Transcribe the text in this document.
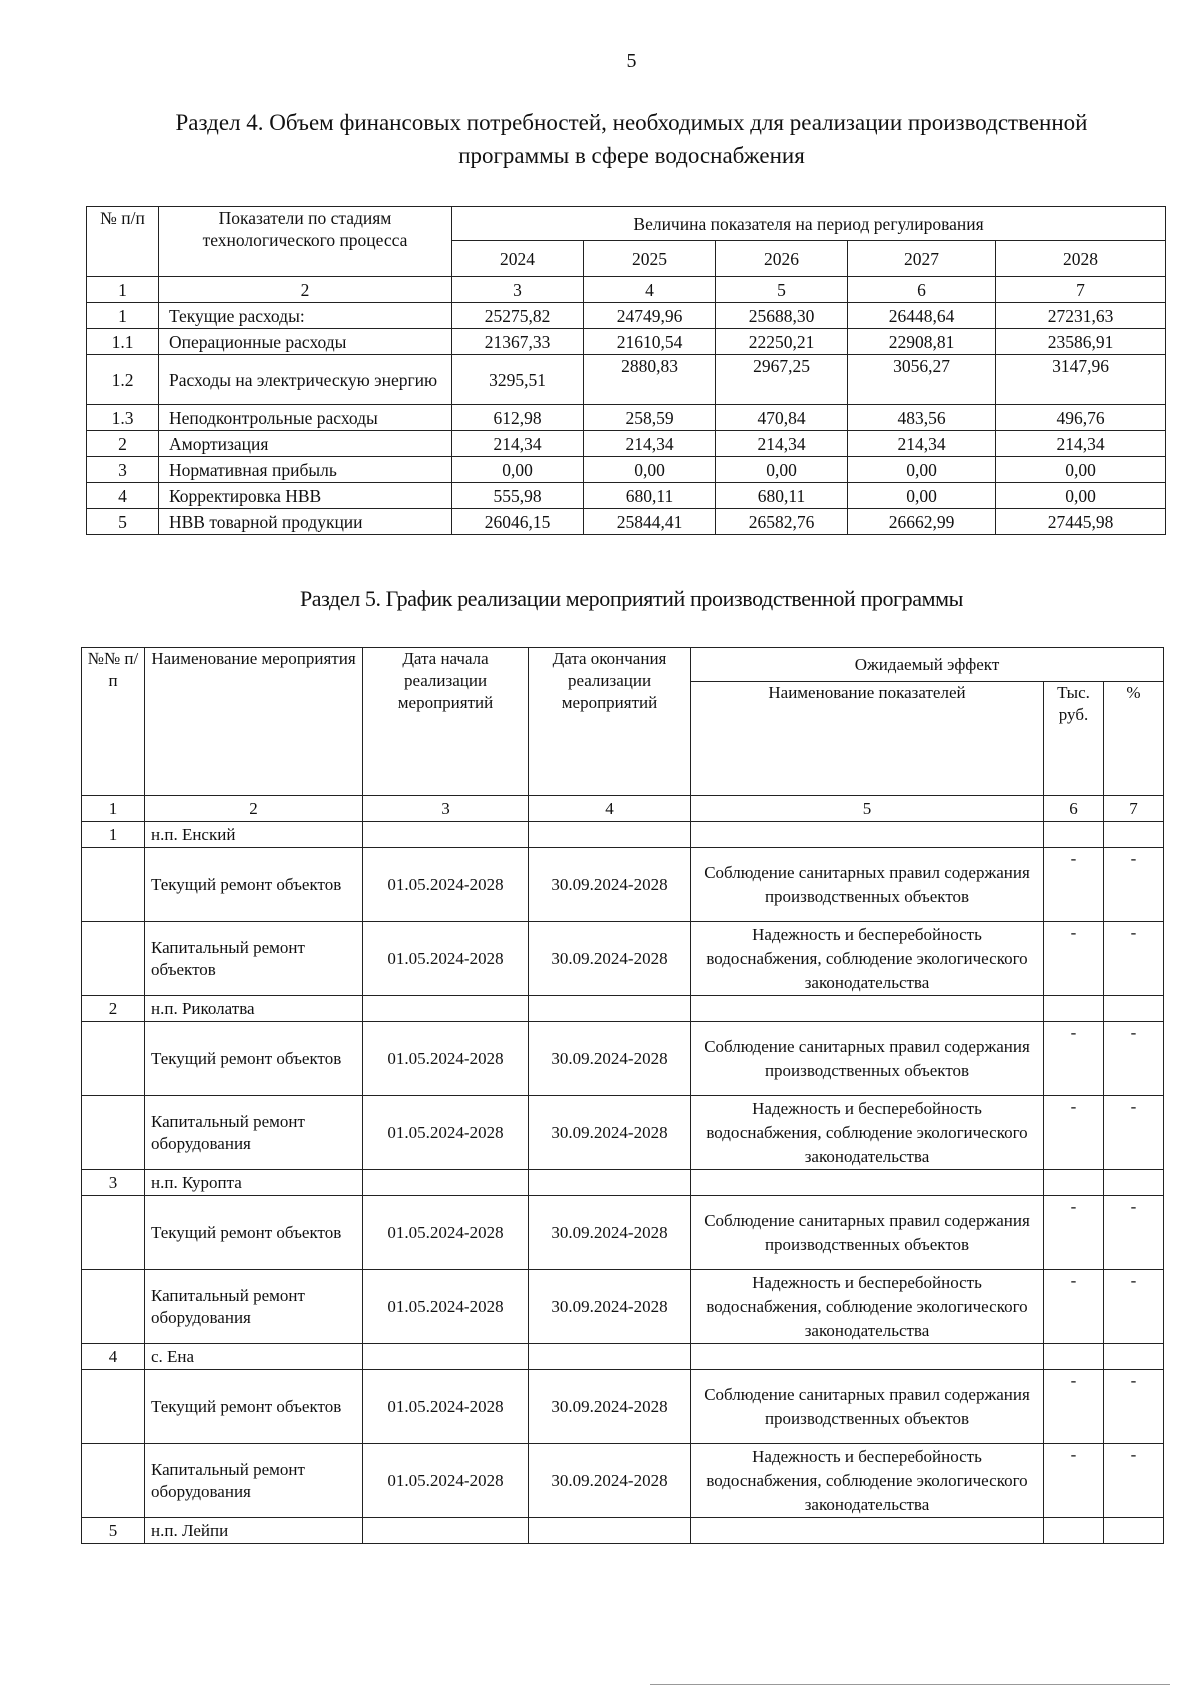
5
Раздел 4. Объем финансовых потребностей, необходимых для реализации производственной
программы в сфере водоснабжения
№ п/п	Показатели по стадиям технологического процесса	Величина показателя на период регулирования				
		2024	2025	2026	2027	2028
1	2	3	4	5	6	7
1	Текущие расходы:	25275,82	24749,96	25688,30	26448,64	27231,63
1.1	Операционные расходы	21367,33	21610,54	22250,21	22908,81	23586,91
1.2	Расходы на электрическую энергию	3295,51	2880,83	2967,25	3056,27	3147,96
1.3	Неподконтрольные расходы	612,98	258,59	470,84	483,56	496,76
2	Амортизация	214,34	214,34	214,34	214,34	214,34
3	Нормативная прибыль	0,00	0,00	0,00	0,00	0,00
4	Корректировка НВВ	555,98	680,11	680,11	0,00	0,00
5	НВВ товарной продукции	26046,15	25844,41	26582,76	26662,99	27445,98
Раздел 5. График реализации мероприятий производственной программы
№№ п/п	Наименование мероприятия	Дата начала реализации мероприятий	Дата окончания реализации мероприятий	Ожидаемый эффект		
				Наименование показателей	Тыс. руб.	%
1	2	3	4	5	6	7
1	н.п. Енский					
	Текущий ремонт объектов	01.05.2024-2028	30.09.2024-2028	Соблюдение санитарных правил содержания производственных объектов	-	-
	Капитальный ремонт объектов	01.05.2024-2028	30.09.2024-2028	Надежность и бесперебойность водоснабжения, соблюдение экологического законодательства	-	-
2	н.п. Риколатва					
	Текущий ремонт объектов	01.05.2024-2028	30.09.2024-2028	Соблюдение санитарных правил содержания производственных объектов	-	-
	Капитальный ремонт оборудования	01.05.2024-2028	30.09.2024-2028	Надежность и бесперебойность водоснабжения, соблюдение экологического законодательства	-	-
3	н.п. Куропта					
	Текущий ремонт объектов	01.05.2024-2028	30.09.2024-2028	Соблюдение санитарных правил содержания производственных объектов	-	-
	Капитальный ремонт оборудования	01.05.2024-2028	30.09.2024-2028	Надежность и бесперебойность водоснабжения, соблюдение экологического законодательства	-	-
4	с. Ена					
	Текущий ремонт объектов	01.05.2024-2028	30.09.2024-2028	Соблюдение санитарных правил содержания производственных объектов	-	-
	Капитальный ремонт оборудования	01.05.2024-2028	30.09.2024-2028	Надежность и бесперебойность водоснабжения, соблюдение экологического законодательства	-	-
5	н.п. Лейпи					
